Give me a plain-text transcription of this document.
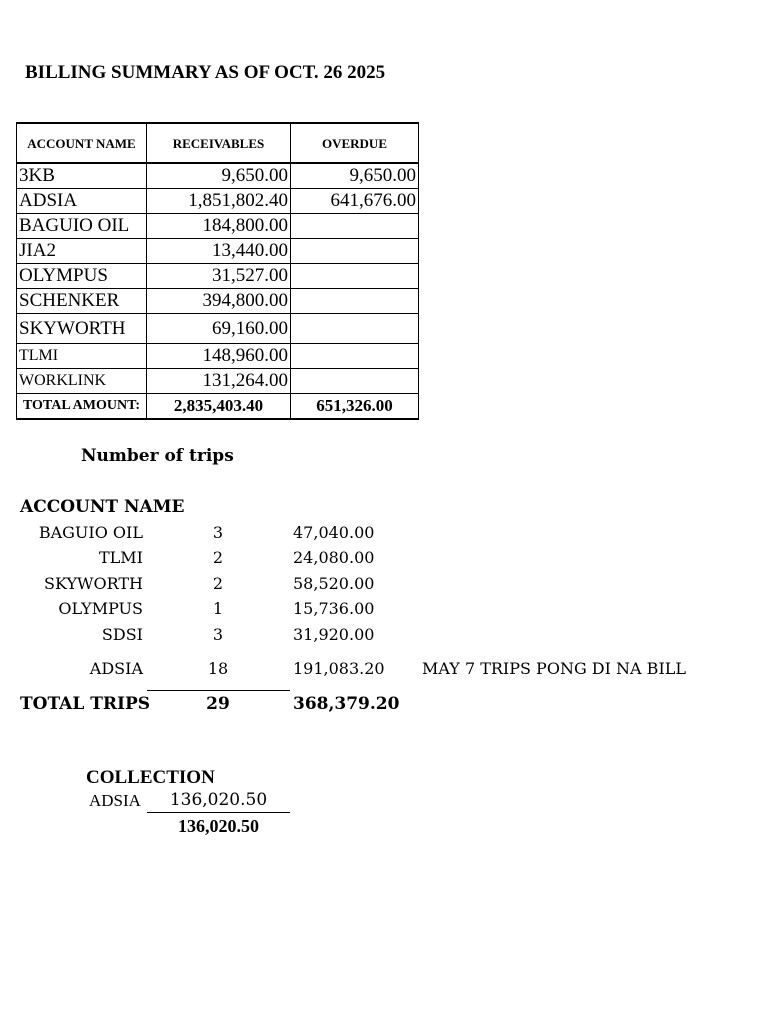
BILLING SUMMARY AS OF OCT. 26 2025
ACCOUNT NAME	RECEIVABLES	OVERDUE
3KB	9,650.00	9,650.00
ADSIA	1,851,802.40	641,676.00
BAGUIO OIL	184,800.00	
JIA2	13,440.00	
OLYMPUS	31,527.00	
SCHENKER	394,800.00	
SKYWORTH	69,160.00	
TLMI	148,960.00	
WORKLINK	131,264.00	
TOTAL AMOUNT:	2,835,403.40	651,326.00
Number of trips
ACCOUNT NAME
BAGUIO OIL	3	47,040.00
TLMI	2	24,080.00
SKYWORTH	2	58,520.00
OLYMPUS	1	15,736.00
SDSI	3	31,920.00
ADSIA	18	191,083.20 MAY 7 TRIPS PONG DI NA BILL
TOTAL TRIPS	29	368,379.20
COLLECTION
ADSIA	136,020.50
136,020.50
